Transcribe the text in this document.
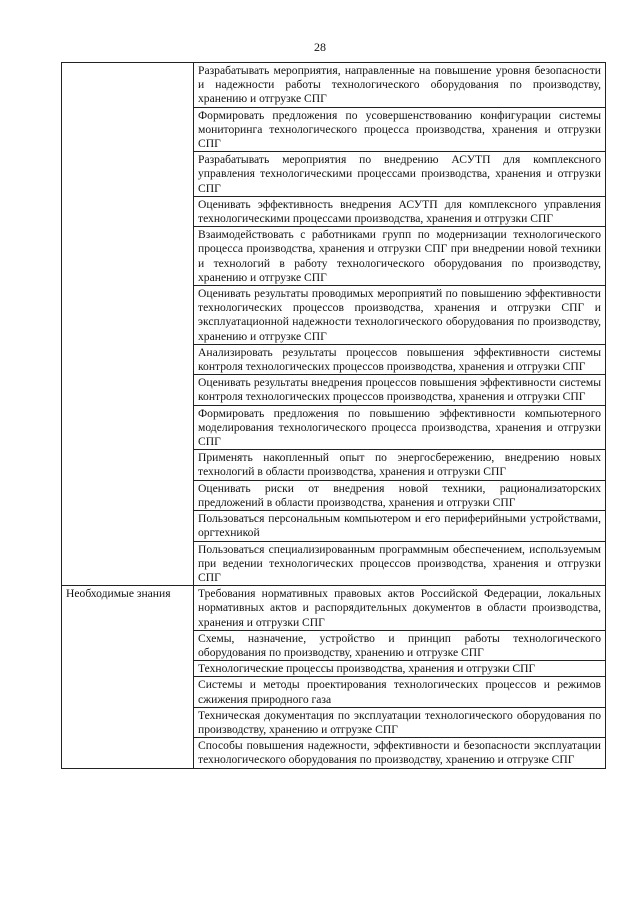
28
	Разрабатывать мероприятия, направленные на повышение уровня безопасности и надежности работы технологического оборудования по производству, хранению и отгрузке СПГ
	Формировать предложения по усовершенствованию конфигурации системы мониторинга технологического процесса производства, хранения и отгрузки СПГ
	Разрабатывать мероприятия по внедрению АСУТП для комплексного управления технологическими процессами производства, хранения и отгрузки СПГ
	Оценивать эффективность внедрения АСУТП для комплексного управления технологическими процессами производства, хранения и отгрузки СПГ
	Взаимодействовать с работниками групп по модернизации технологического процесса производства, хранения и отгрузки СПГ при внедрении новой техники и технологий в работу технологического оборудования по производству, хранению и отгрузке СПГ
	Оценивать результаты проводимых мероприятий по повышению эффективности технологических процессов производства, хранения и отгрузки СПГ и эксплуатационной надежности технологического оборудования по производству, хранению и отгрузке СПГ
	Анализировать результаты процессов повышения эффективности системы контроля технологических процессов производства, хранения и отгрузки СПГ
	Оценивать результаты внедрения процессов повышения эффективности системы контроля технологических процессов производства, хранения и отгрузки СПГ
	Формировать предложения по повышению эффективности компьютерного моделирования технологического процесса производства, хранения и отгрузки СПГ
	Применять накопленный опыт по энергосбережению, внедрению новых технологий в области производства, хранения и отгрузки СПГ
	Оценивать риски от внедрения новой техники, рационализаторских предложений в области производства, хранения и отгрузки СПГ
	Пользоваться персональным компьютером и его периферийными устройствами, оргтехникой
	Пользоваться специализированным программным обеспечением, используемым при ведении технологических процессов производства, хранения и отгрузки СПГ
Необходимые знания	Требования нормативных правовых актов Российской Федерации, локальных нормативных актов и распорядительных документов в области производства, хранения и отгрузки СПГ
	Схемы, назначение, устройство и принцип работы технологического оборудования по производству, хранению и отгрузке СПГ
	Технологические процессы производства, хранения и отгрузки СПГ
	Системы и методы проектирования технологических процессов и режимов сжижения природного газа
	Техническая документация по эксплуатации технологического оборудования по производству, хранению и отгрузке СПГ
	Способы повышения надежности, эффективности и безопасности эксплуатации технологического оборудования по производству, хранению и отгрузке СПГ
